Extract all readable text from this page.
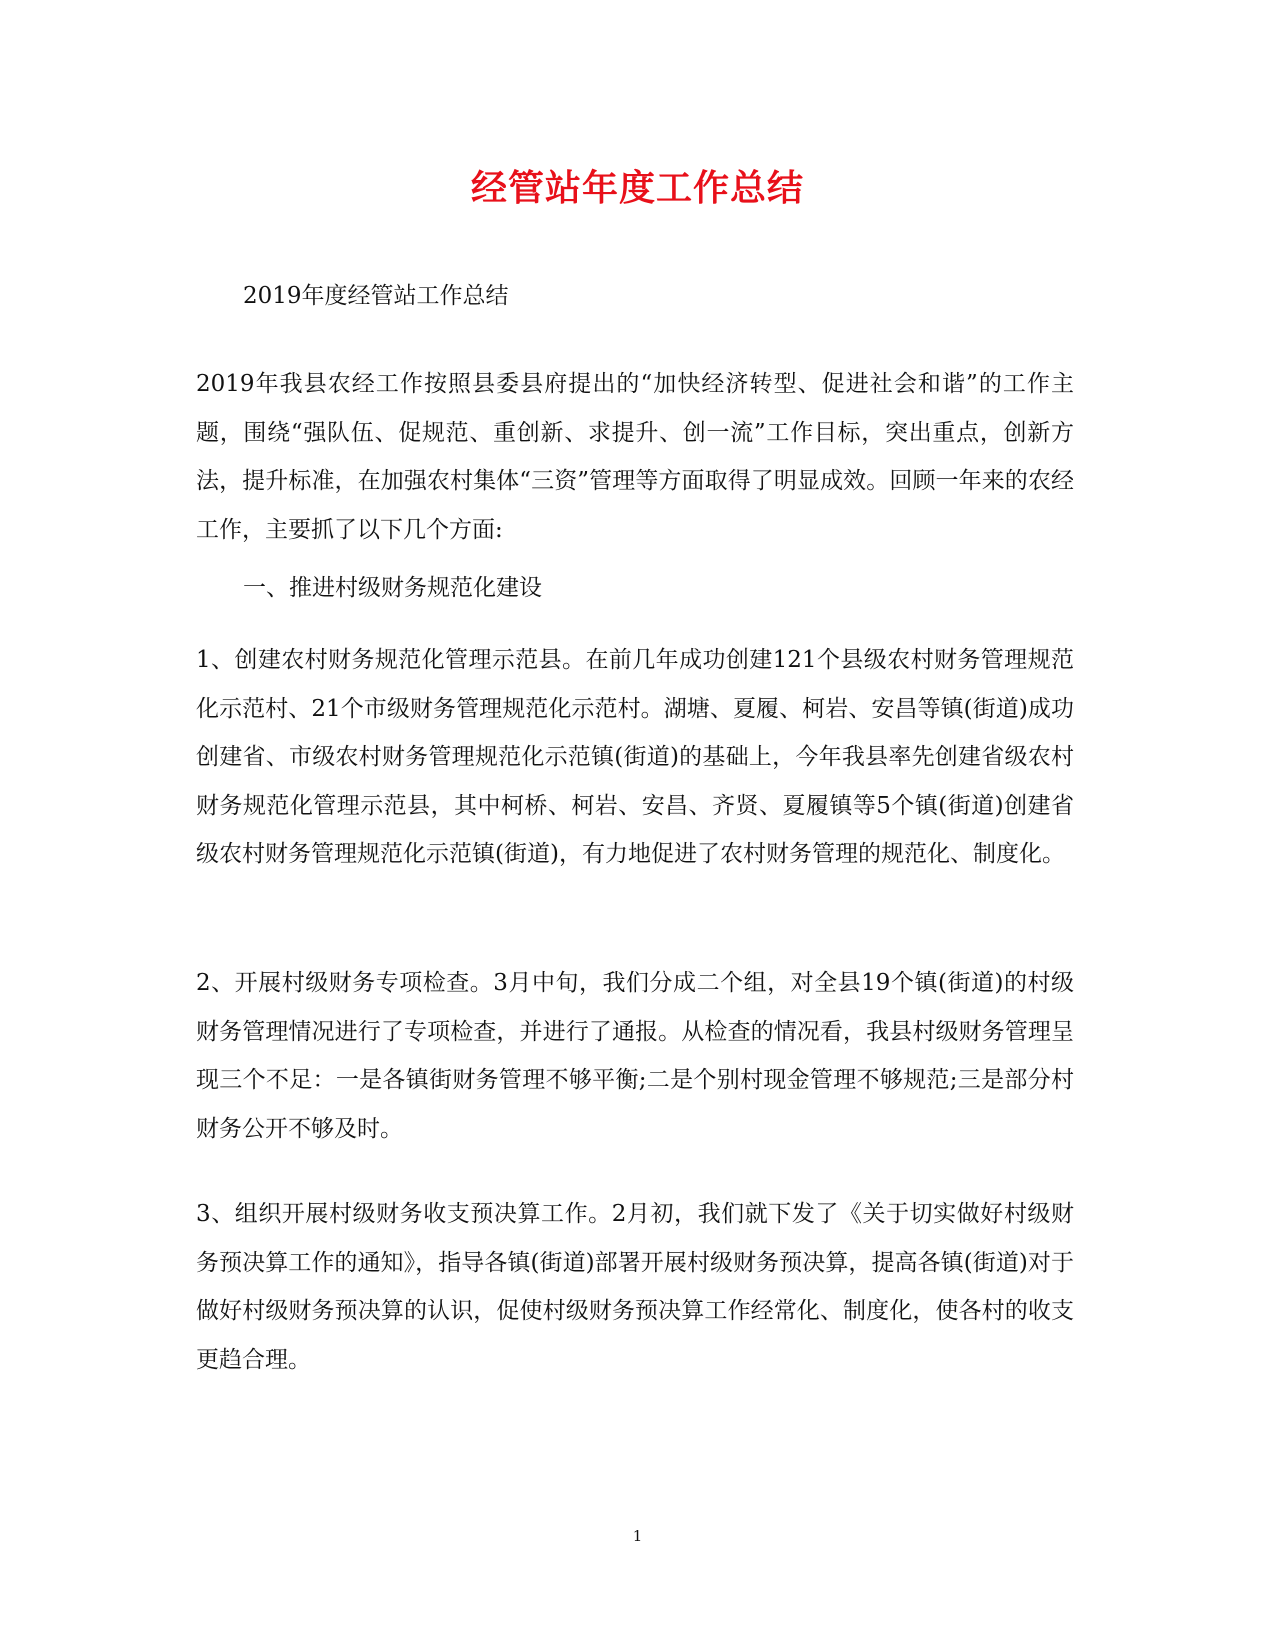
经管站年度工作总结
2019年度经管站工作总结
2019年我县农经工作按照县委县府提出的“加快经济转型、促进社会和谐”的工作主题，围绕“强队伍、促规范、重创新、求提升、创一流”工作目标，突出重点，创新方法，提升标准，在加强农村集体“三资”管理等方面取得了明显成效。回顾一年来的农经工作，主要抓了以下几个方面:
一、推进村级财务规范化建设
1、创建农村财务规范化管理示范县。在前几年成功创建121个县级农村财务管理规范化示范村、21个市级财务管理规范化示范村。湖塘、夏履、柯岩、安昌等镇(街道)成功创建省、市级农村财务管理规范化示范镇(街道)的基础上，今年我县率先创建省级农村财务规范化管理示范县，其中柯桥、柯岩、安昌、齐贤、夏履镇等5个镇(街道)创建省级农村财务管理规范化示范镇(街道)，有力地促进了农村财务管理的规范化、制度化。
2、开展村级财务专项检查。3月中旬，我们分成二个组，对全县19个镇(街道)的村级财务管理情况进行了专项检查，并进行了通报。从检查的情况看，我县村级财务管理呈现三个不足：一是各镇街财务管理不够平衡;二是个别村现金管理不够规范;三是部分村财务公开不够及时。
3、组织开展村级财务收支预决算工作。2月初，我们就下发了《关于切实做好村级财务预决算工作的通知》，指导各镇(街道)部署开展村级财务预决算，提高各镇(街道)对于做好村级财务预决算的认识，促使村级财务预决算工作经常化、制度化，使各村的收支更趋合理。
1
